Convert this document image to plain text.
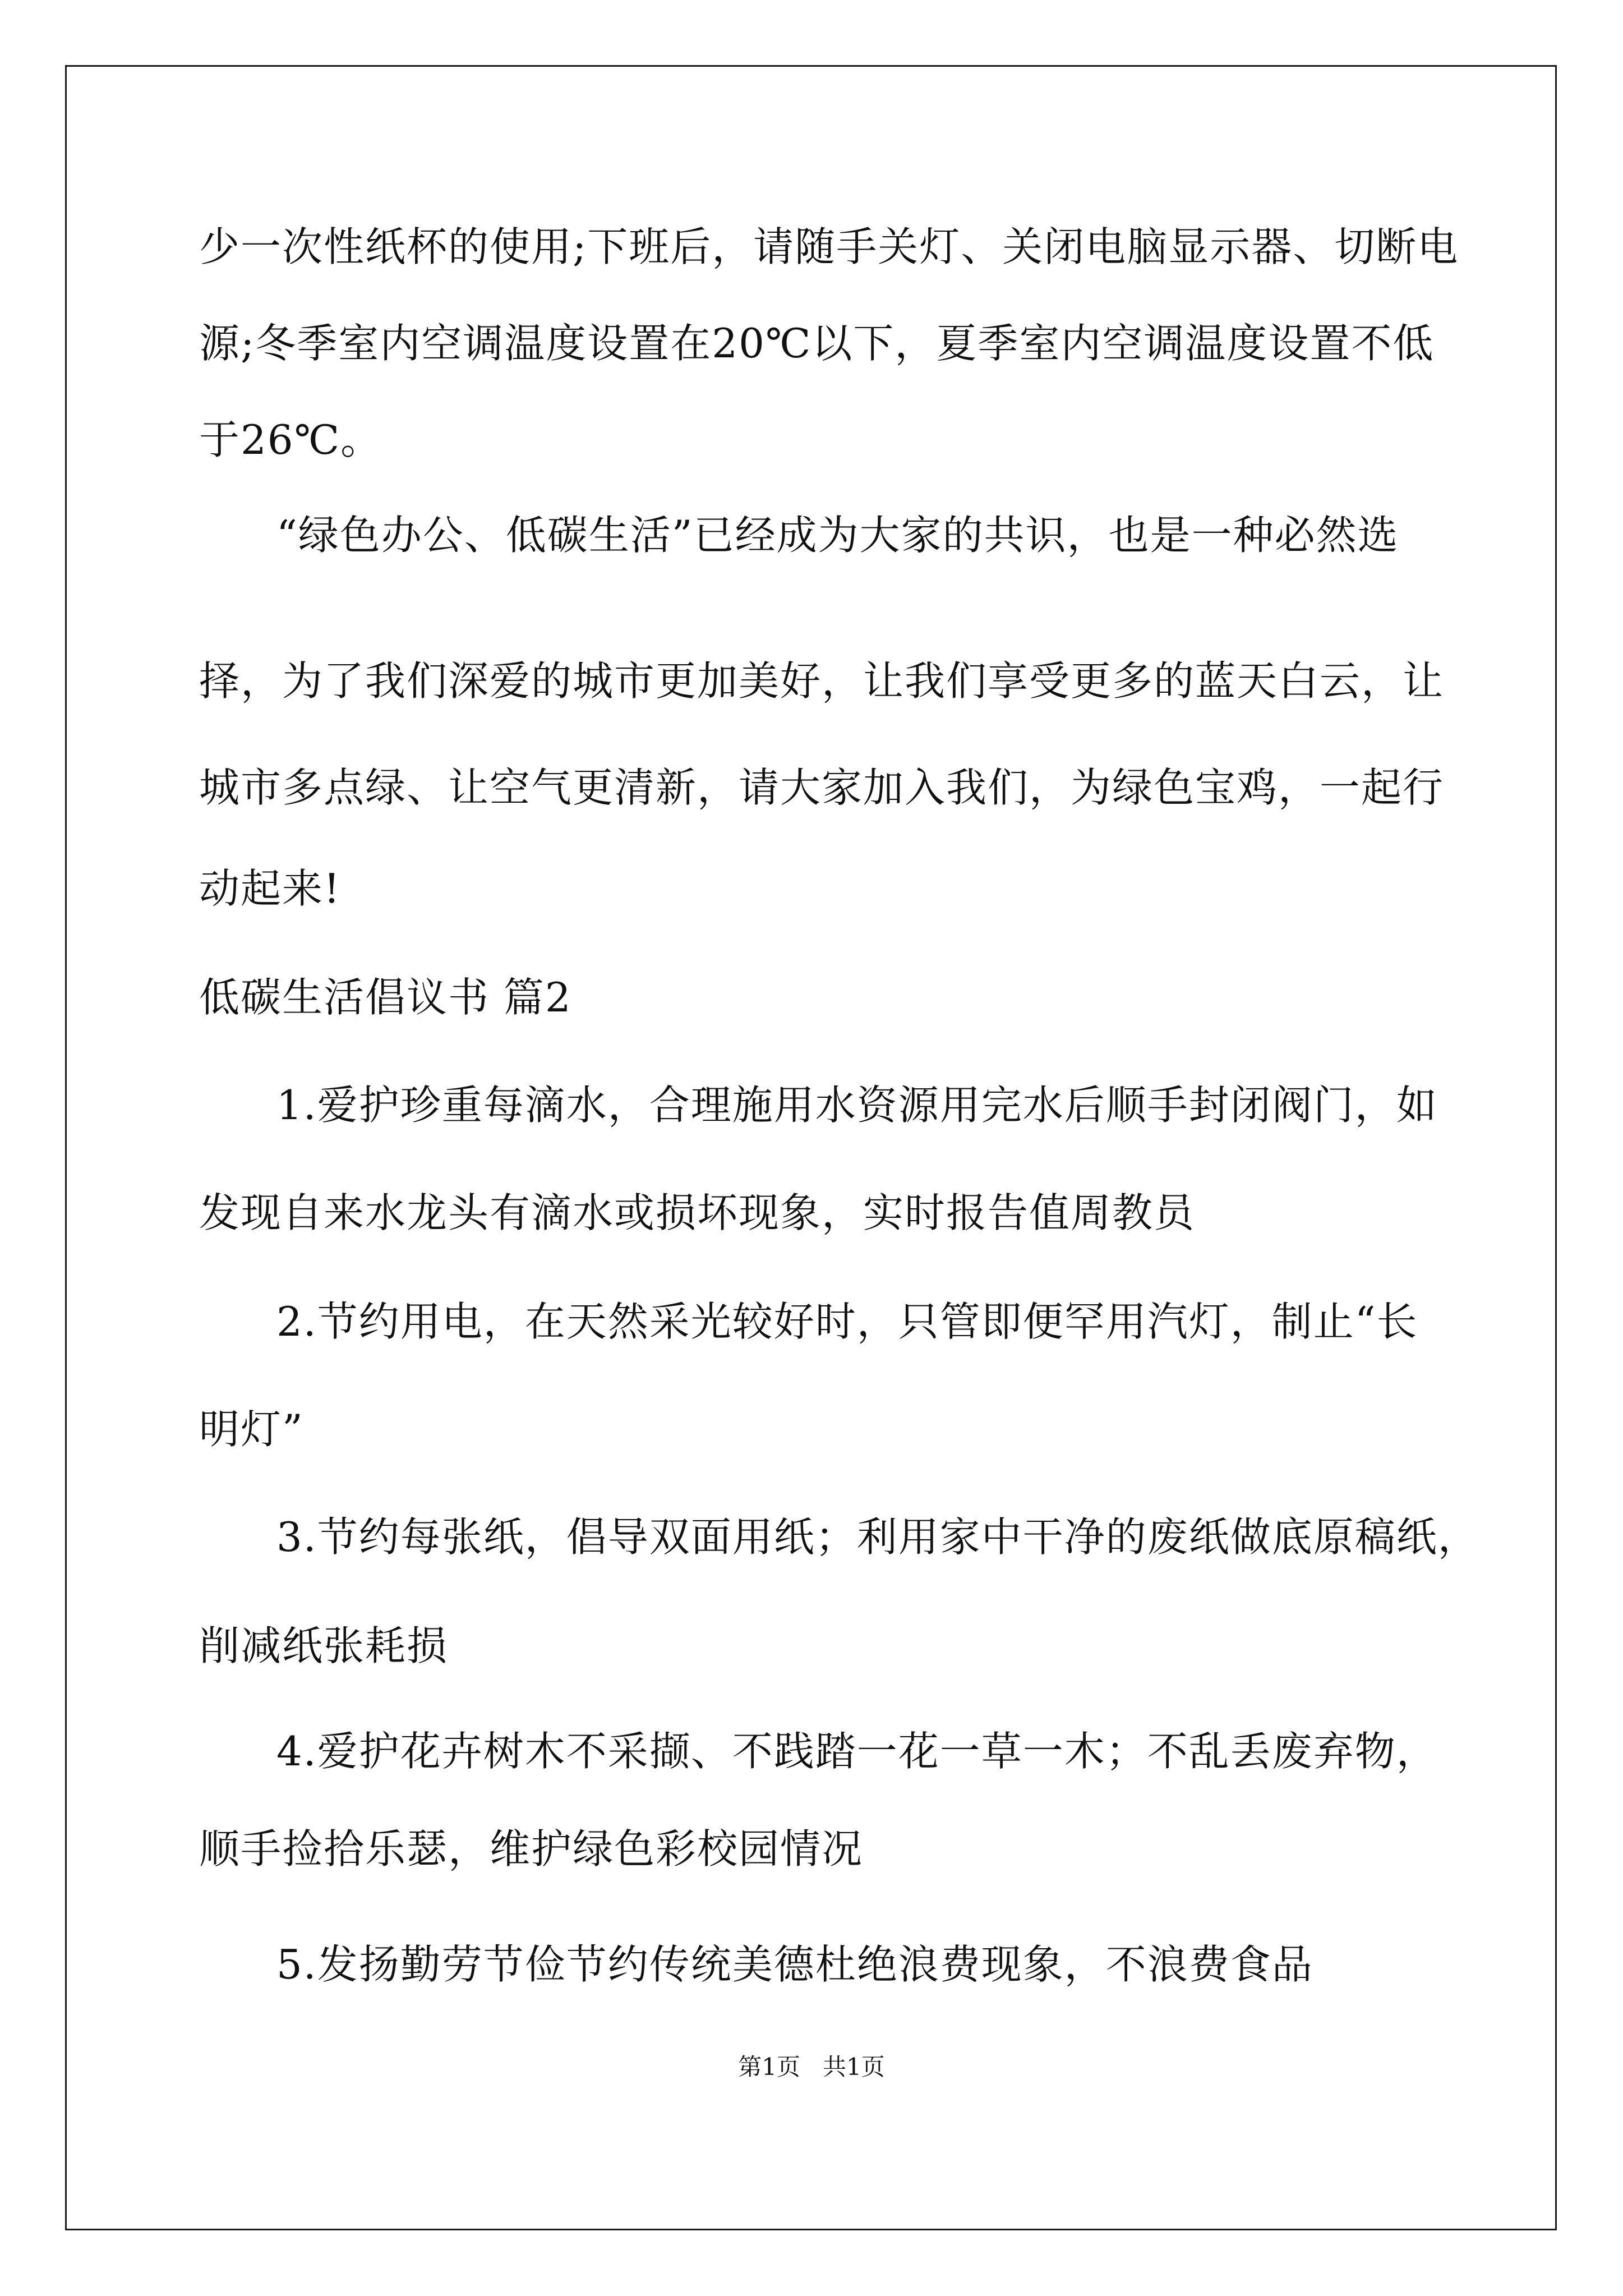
少一次性纸杯的使用;下班后，请随手关灯、关闭电脑显示器、切断电
源;冬季室内空调温度设置在20℃以下，夏季室内空调温度设置不低
于26℃。
“绿色办公、低碳生活”已经成为大家的共识，也是一种必然选
择，为了我们深爱的城市更加美好，让我们享受更多的蓝天白云，让
城市多点绿、让空气更清新，请大家加入我们，为绿色宝鸡，一起行
动起来!
低碳生活倡议书 篇2
1.爱护珍重每滴水，合理施用水资源用完水后顺手封闭阀门，如
发现自来水龙头有滴水或损坏现象，实时报告值周教员
2.节约用电，在天然采光较好时，只管即便罕用汽灯，制止“长
明灯”
3.节约每张纸，倡导双面用纸；利用家中干净的废纸做底原稿纸，
削减纸张耗损
4.爱护花卉树木不采撷、不践踏一花一草一木；不乱丢废弃物，
顺手捡拾乐瑟，维护绿色彩校园情况
5.发扬勤劳节俭节约传统美德杜绝浪费现象，不浪费食品
第1页   共1页
